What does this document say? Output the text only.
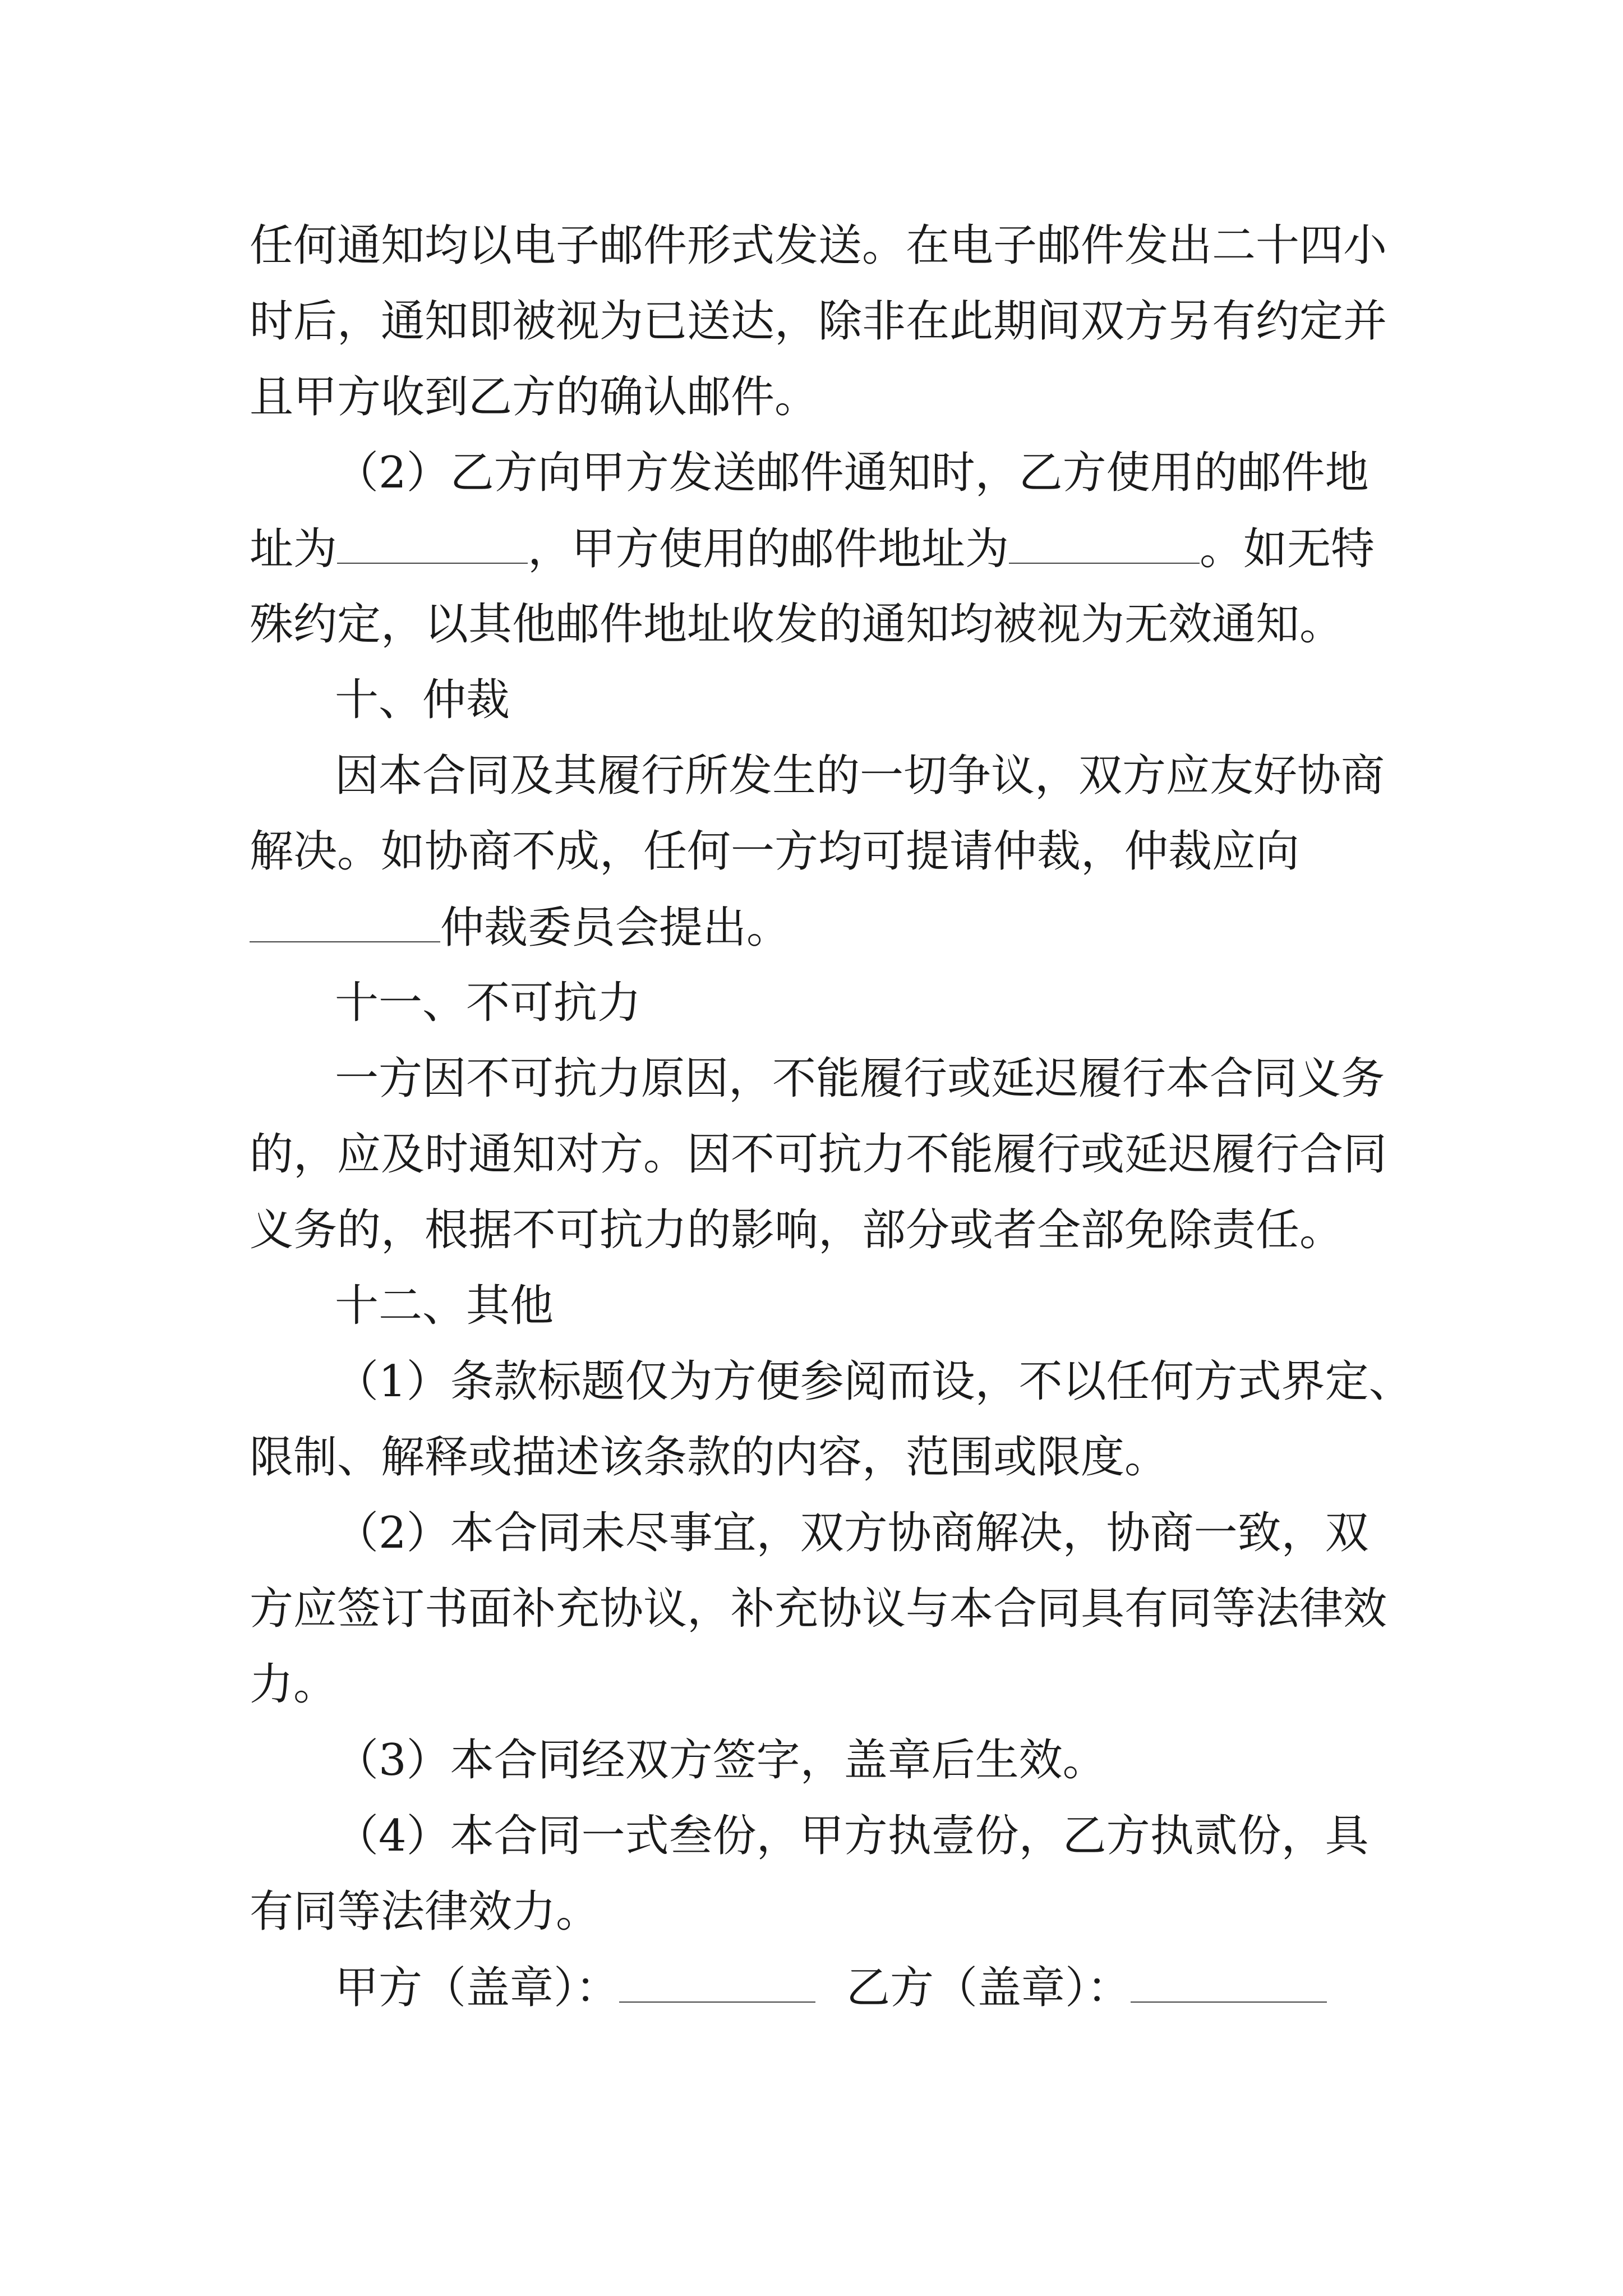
任何通知均以电子邮件形式发送。在电子邮件发出二十四小
时后，通知即被视为已送达，除非在此期间双方另有约定并
且甲方收到乙方的确认邮件。
（2）乙方向甲方发送邮件通知时，乙方使用的邮件地
址为	，甲方使用的邮件地址为	。如无特
殊约定，以其他邮件地址收发的通知均被视为无效通知。
十、仲裁
因本合同及其履行所发生的一切争议，双方应友好协商
解决。如协商不成，任何一方均可提请仲裁，仲裁应向
仲裁委员会提出。
十一、不可抗力
一方因不可抗力原因，不能履行或延迟履行本合同义务
的，应及时通知对方。因不可抗力不能履行或延迟履行合同
义务的，根据不可抗力的影响，部分或者全部免除责任。
十二、其他
（1）条款标题仅为方便参阅而设，不以任何方式界定、
限制、解释或描述该条款的内容，范围或限度。
（2）本合同未尽事宜，双方协商解决，协商一致，双
方应签订书面补充协议，补充协议与本合同具有同等法律效
力。
（3）本合同经双方签字，盖章后生效。
（4）本合同一式叁份，甲方执壹份，乙方执贰份，具
有同等法律效力。
甲方（盖章）：	乙方（盖章）：
